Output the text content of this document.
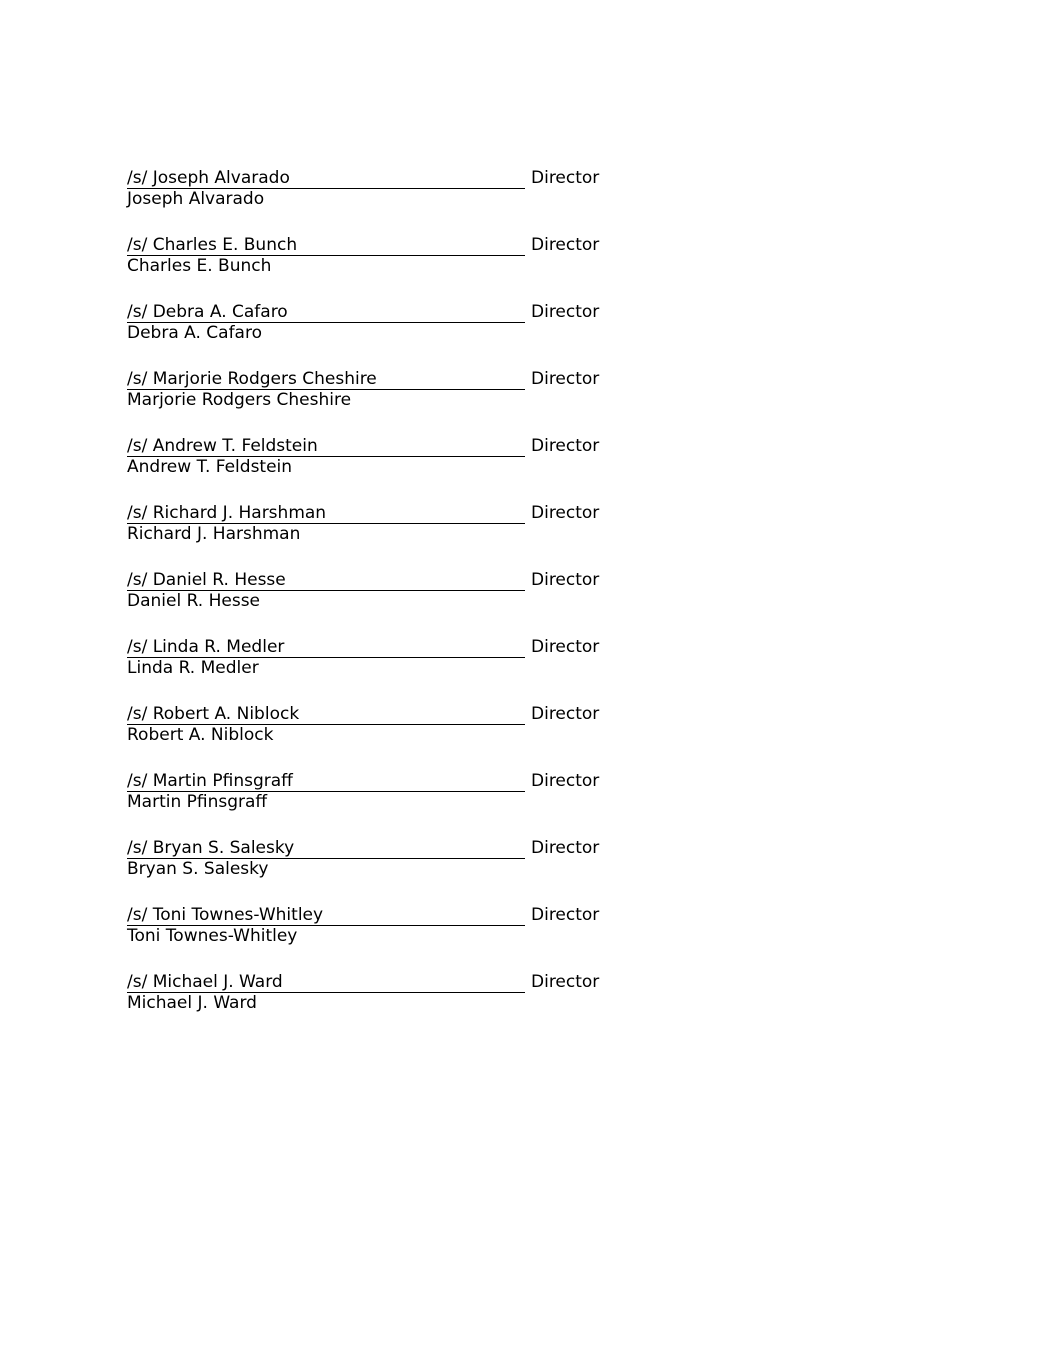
/s/ Joseph Alvarado	Director
Joseph Alvarado
/s/ Charles E. Bunch	Director
Charles E. Bunch
/s/ Debra A. Cafaro	Director
Debra A. Cafaro
/s/ Marjorie Rodgers Cheshire	Director
Marjorie Rodgers Cheshire
/s/ Andrew T. Feldstein	Director
Andrew T. Feldstein
/s/ Richard J. Harshman	Director
Richard J. Harshman
/s/ Daniel R. Hesse	Director
Daniel R. Hesse
/s/ Linda R. Medler	Director
Linda R. Medler
/s/ Robert A. Niblock	Director
Robert A. Niblock
/s/ Martin Pfinsgraff	Director
Martin Pfinsgraff
/s/ Bryan S. Salesky	Director
Bryan S. Salesky
/s/ Toni Townes-Whitley	Director
Toni Townes-Whitley
/s/ Michael J. Ward	Director
Michael J. Ward
